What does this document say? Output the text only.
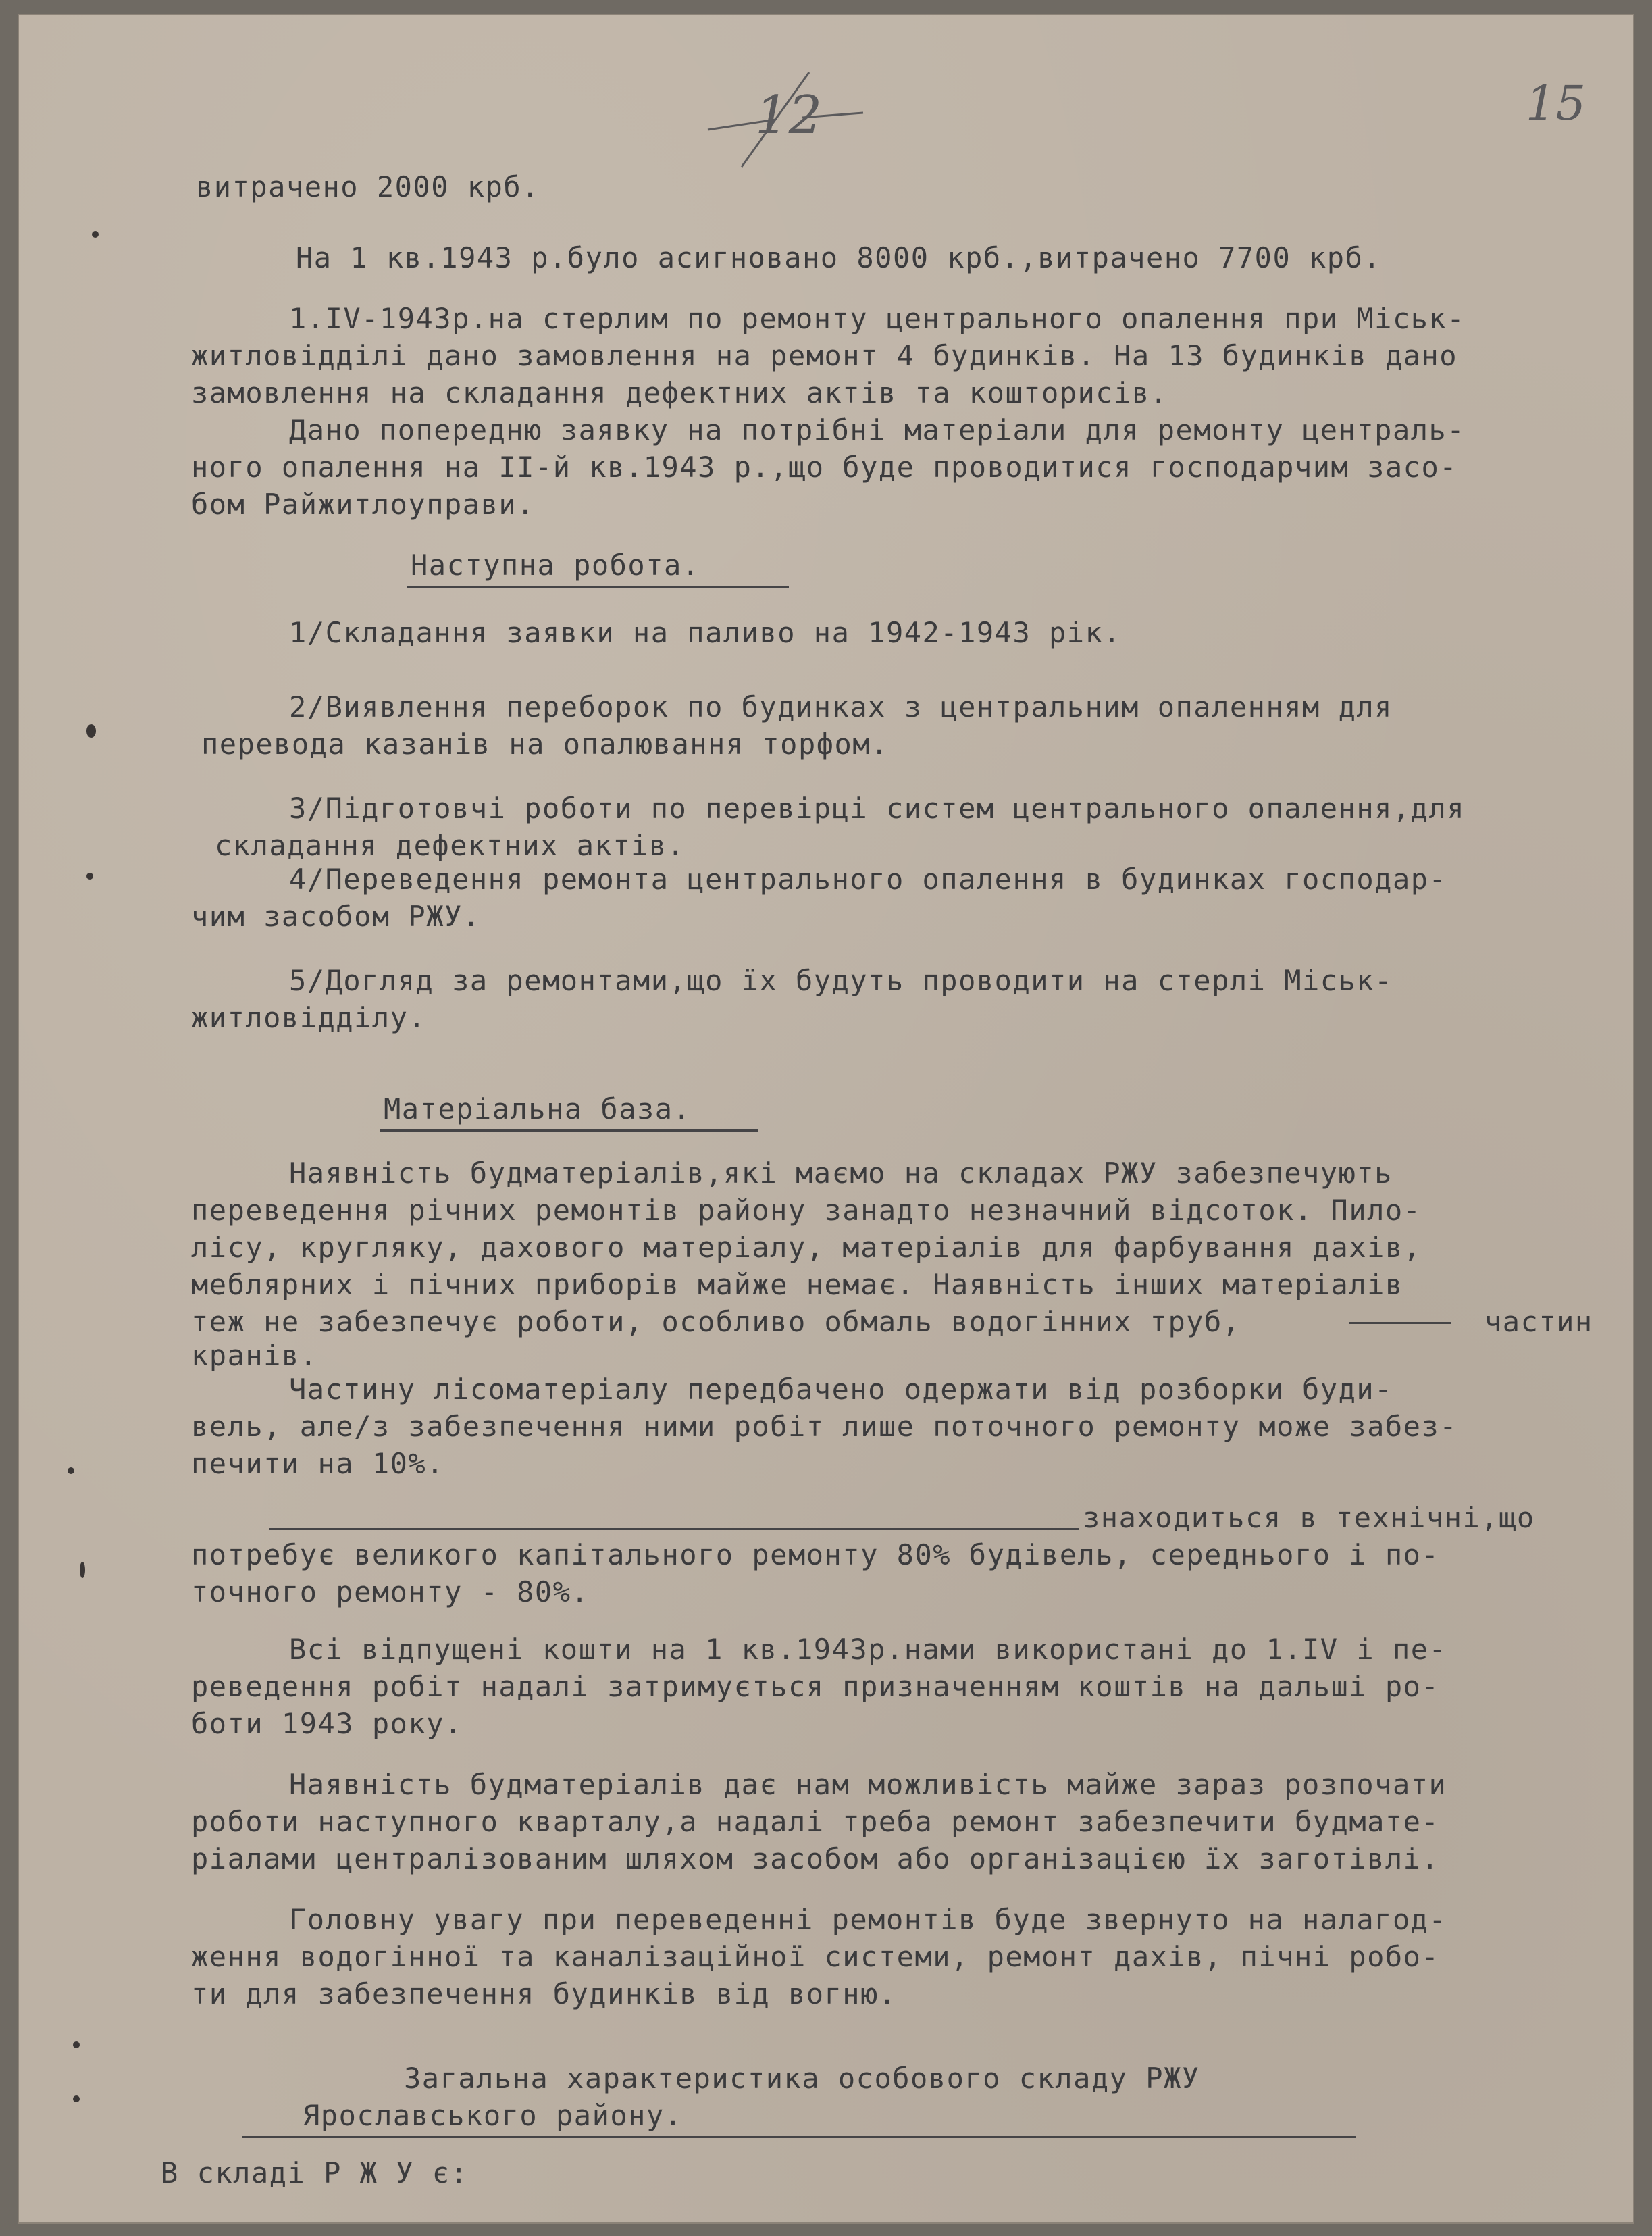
15
12
витрачено 2000 крб.
На 1 кв.1943 р.було асигновано 8000 крб.,витрачено 7700 крб.
1.ІV-1943р.на стерлим по ремонту центрального опалення при Міськ-
житловідділі дано замовлення на ремонт 4 будинків. На 13 будинків дано
замовлення на складання дефектних актів та кошторисів.
Дано попередню заявку на потрібні матеріали для ремонту централь-
ного опалення на II-й кв.1943 р.,що буде проводитися господарчим засо-
бом Райжитлоуправи.
Наступна робота.
1/Складання заявки на паливо на 1942-1943 рік.
2/Виявлення переборок по будинках з центральним опаленням для
перевода казанів на опалювання торфом.
3/Підготовчі роботи по перевірці систем центрального опалення,для
складання дефектних актів.
4/Переведення ремонта центрального опалення в будинках господар-
чим засобом РЖУ.
5/Догляд за ремонтами,що їх будуть проводити на стерлі Міськ-
житловідділу.
Матеріальна база.
Наявність будматеріалів,які маємо на складах РЖУ забезпечують
переведення річних ремонтів району занадто незначний відсоток. Пило-
лісу, кругляку, дахового матеріалу, матеріалів для фарбування дахів,
меблярних і пічних приборів майже немає. Наявність інших матеріалів
теж не забезпечує роботи, особливо обмаль водогінних труб,	частин
кранів.
Частину лісоматеріалу передбачено одержати від розборки буди-
вель, але/з забезпечення ними робіт лише поточного ремонту може забез-
печити на 10%.
знаходиться в технічні,що
потребує великого капітального ремонту 80% будівель, середнього і по-
точного ремонту - 80%.
Всі відпущені кошти на 1 кв.1943р.нами використані до 1.ІV і пе-
реведення робіт надалі затримується призначенням коштів на дальші ро-
боти 1943 року.
Наявність будматеріалів дає нам можливість майже зараз розпочати
роботи наступного кварталу,а надалі треба ремонт забезпечити будмате-
ріалами централізованим шляхом засобом або організацією їх заготівлі.
Головну увагу при переведенні ремонтів буде звернуто на налагод-
ження водогінної та каналізаційної системи, ремонт дахів, пічні робо-
ти для забезпечення будинків від вогню.
Загальна характеристика особового складу РЖУ
Ярославського району.
В складі Р Ж У є:
